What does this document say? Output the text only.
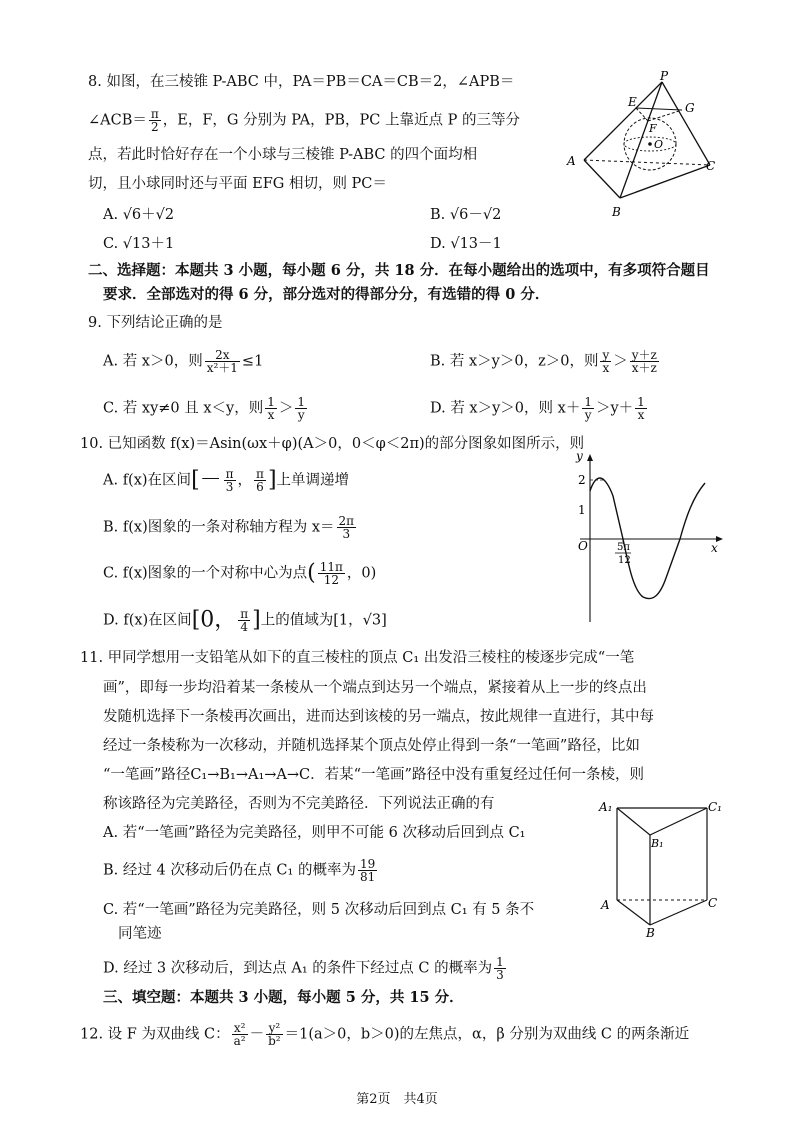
8. 如图，在三棱锥 P-ABC 中，PA＝PB＝CA＝CB＝2，∠APB＝
∠ACB＝ $\frac{\pi}{2}$ ，E，F，G 分别为 PA，PB，PC 上靠近点 P 的三等分
点，若此时恰好存在一个小球与三棱锥 P-ABC 的四个面均相
切，且小球同时还与平面 EFG 相切，则 PC＝
A. √6＋√2	B. √6－√2
C. √13＋1	D. √13－1
P
E	G
F
O
A	C
B
二、选择题：本题共 3 小题，每小题 6 分，共 18 分．在每小题给出的选项中，有多项符合题目
要求．全部选对的得 6 分，部分选对的得部分分，有选错的得 0 分．
9. 下列结论正确的是
A. 若 x＞0，则 $\frac{2x}{\text{x²＋1}} \le 1$	B. 若 x＞y＞0，z＞0，则 $\frac{y}{x} > \frac{y+z}{x+z}$
C. 若 xy≠0 且 x＜y，则 $\frac{1}{x} > \frac{1}{y}$	D. 若 x＞y＞0，则 $x+ \frac{1}{y} >y+ \frac{1}{x}$
10. 已知函数 f(x)＝Asin(ωx＋φ)(A＞0，0＜φ＜2π)的部分图象如图所示，则
A. f(x)在区间[－ $\frac{\pi}{3}$ ， $\frac{\pi}{6}$ ]上单调递增
B. f(x)图象的一条对称轴方程为 $x= \frac{2\pi}{3}$
C. f(x)图象的一个对称中心为点( $\frac{11\pi}{12}$ ，0)
D. f(x)在区间[0， $\frac{\pi}{4}$ ]上的值域为[1，√3]
y
x
O
2
1
5π
12
11. 甲同学想用一支铅笔从如下的直三棱柱的顶点 C₁ 出发沿三棱柱的棱逐步完成“一笔
画”，即每一步均沿着某一条棱从一个端点到达另一个端点，紧接着从上一步的终点出
发随机选择下一条棱再次画出，进而达到该棱的另一端点，按此规律一直进行，其中每
经过一条棱称为一次移动，并随机选择某个顶点处停止得到一条“一笔画”路径，比如
“一笔画”路径C₁→B₁→A₁→A→C．若某“一笔画”路径中没有重复经过任何一条棱，则
称该路径为完美路径，否则为不完美路径．下列说法正确的有
A. 若“一笔画”路径为完美路径，则甲不可能 6 次移动后回到点 C₁
B. 经过 4 次移动后仍在点 C₁ 的概率为 $\frac{19}{81}$
C. 若“一笔画”路径为完美路径，则 5 次移动后回到点 C₁ 有 5 条不
同笔迹
D. 经过 3 次移动后，到达点 A₁ 的条件下经过点 C 的概率为 $\frac{1}{3}$
A₁	C₁
B₁
A	C
B
三、填空题：本题共 3 小题，每小题 5 分，共 15 分．
12. 设 F 为双曲线 C： $\frac{\text{x²}}{\text{a²}} - \frac{\text{y²}}{\text{b²}} =1(a>0$，b＞0)的左焦点，α，β 分别为双曲线 C 的两条渐近
第2页　共4页
